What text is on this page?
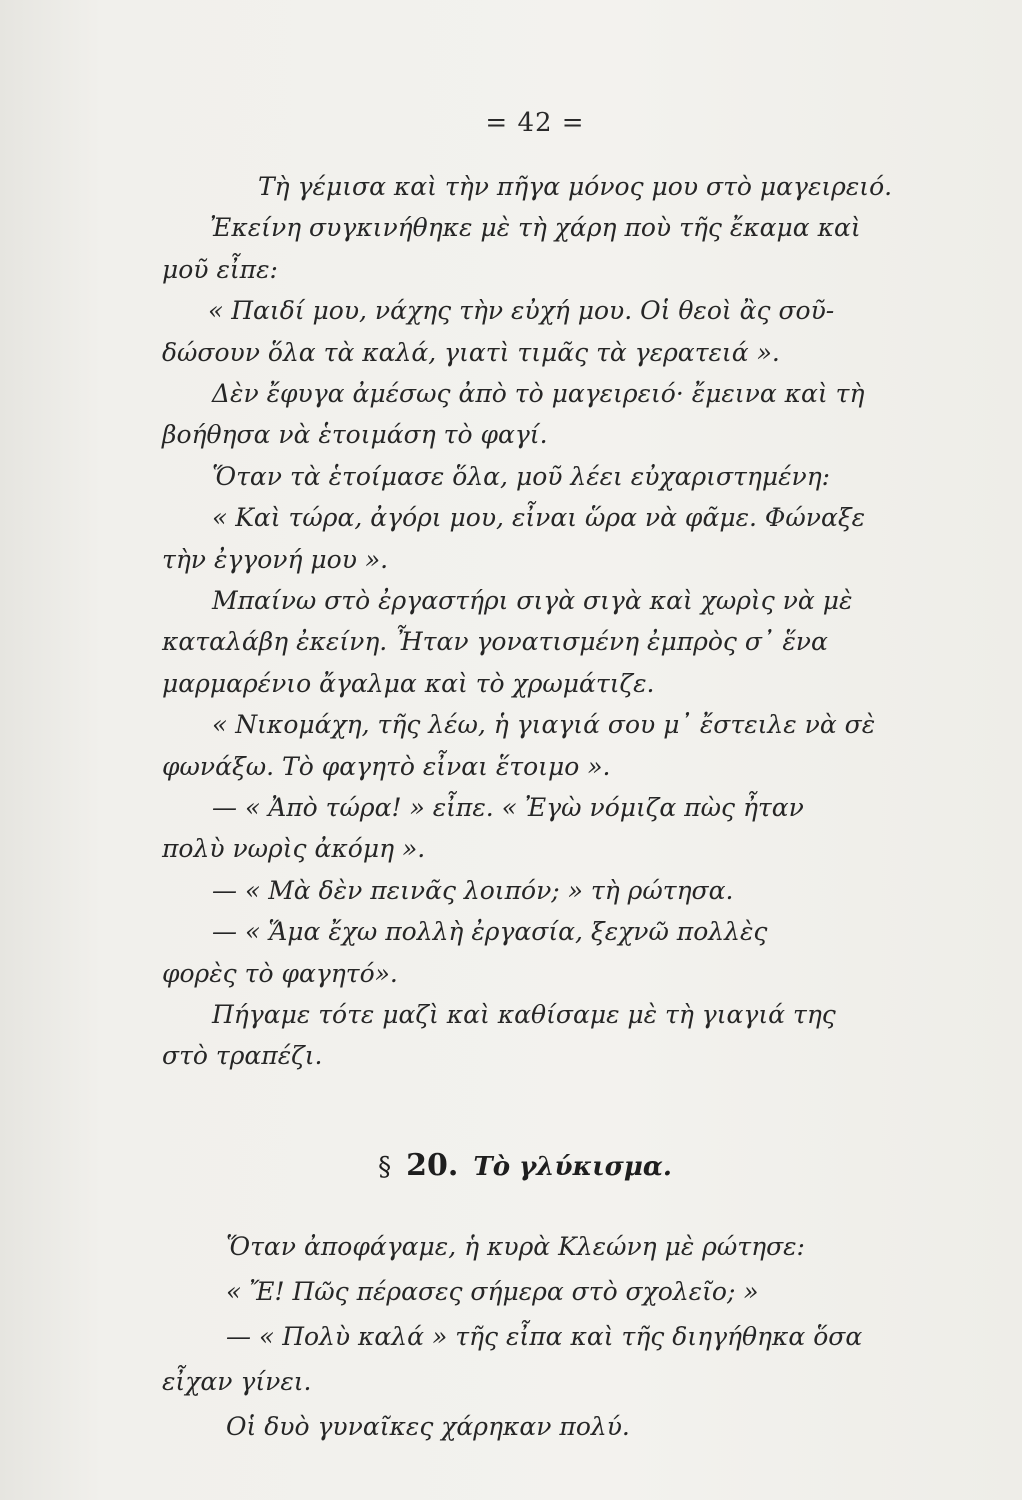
= 42 =
Τὴ γέμισα καὶ τὴν πῆγα μόνος μου στὸ μαγειρειό.
Ἐκείνη συγκινήθηκε μὲ τὴ χάρη ποὺ τῆς ἔκαμα καὶ
μοῦ εἶπε:
« Παιδί μου, νάχης τὴν εὐχή μου. Οἱ θεοὶ ἂς σοῦ-
δώσουν ὅλα τὰ καλά, γιατὶ τιμᾶς τὰ γερατειά ».
Δὲν ἔφυγα ἀμέσως ἀπὸ τὸ μαγειρειό· ἔμεινα καὶ τὴ
βοήθησα νὰ ἑτοιμάση τὸ φαγί.
Ὅταν τὰ ἑτοίμασε ὅλα, μοῦ λέει εὐχαριστημένη:
« Καὶ τώρα, ἀγόρι μου, εἶναι ὥρα νὰ φᾶμε. Φώναξε
τὴν ἐγγονή μου ».
Μπαίνω στὸ ἐργαστήρι σιγὰ σιγὰ καὶ χωρὶς νὰ μὲ
καταλάβη ἐκείνη. Ἦταν γονατισμένη ἐμπρὸς σ᾽ ἕνα
μαρμαρένιο ἄγαλμα καὶ τὸ χρωμάτιζε.
« Νικομάχη, τῆς λέω, ἡ γιαγιά σου μ᾽ ἔστειλε νὰ σὲ
φωνάξω. Τὸ φαγητὸ εἶναι ἕτοιμο ».
— « Ἀπὸ τώρα! » εἶπε. « Ἐγὼ νόμιζα πὼς ἦταν
πολὺ νωρὶς ἀκόμη ».
— « Μὰ δὲν πεινᾶς λοιπόν; » τὴ ρώτησα.
— « Ἅμα ἔχω πολλὴ ἐργασία, ξεχνῶ πολλὲς
φορὲς τὸ φαγητό».
Πήγαμε τότε μαζὶ καὶ καθίσαμε μὲ τὴ γιαγιά της
στὸ τραπέζι.
§ 20. Τὸ γλύκισμα.
Ὅταν ἀποφάγαμε, ἡ κυρὰ Κλεώνη μὲ ρώτησε:
« Ἔ! Πῶς πέρασες σήμερα στὸ σχολεῖο; »
— « Πολὺ καλά » τῆς εἶπα καὶ τῆς διηγήθηκα ὅσα
εἶχαν γίνει.
Οἱ δυὸ γυναῖκες χάρηκαν πολύ.
